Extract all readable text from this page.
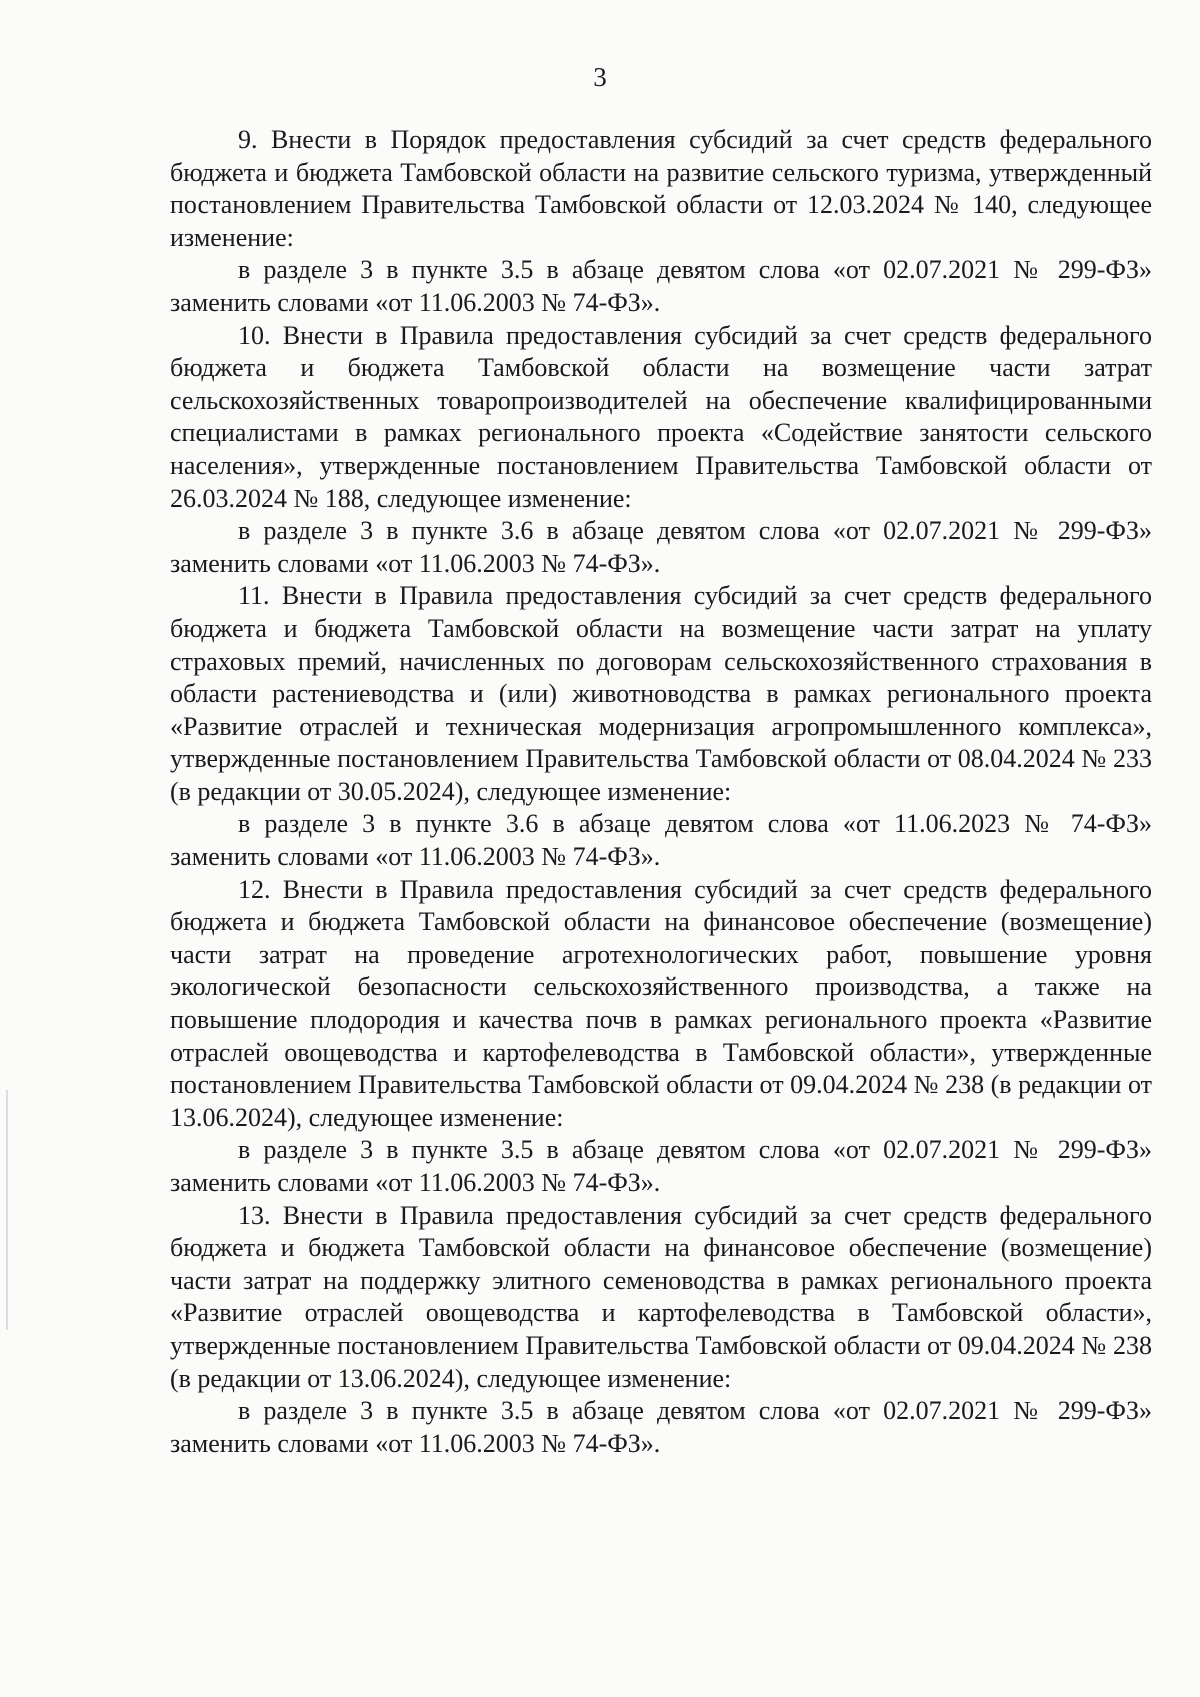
3

9. Внести в Порядок предоставления субсидий за счет средств федерального бюджета и бюджета Тамбовской области на развитие сельского туризма, утвержденный постановлением Правительства Тамбовской области от 12.03.2024 № 140, следующее изменение:

в разделе 3 в пункте 3.5 в абзаце девятом слова «от 02.07.2021 № 299-ФЗ» заменить словами «от 11.06.2003 № 74-ФЗ».

10. Внести в Правила предоставления субсидий за счет средств федерального бюджета и бюджета Тамбовской области на возмещение части затрат сельскохозяйственных товаропроизводителей на обеспечение квалифицированными специалистами в рамках регионального проекта «Содействие занятости сельского населения», утвержденные постановлением Правительства Тамбовской области от 26.03.2024 № 188, следующее изменение:

в разделе 3 в пункте 3.6 в абзаце девятом слова «от 02.07.2021 № 299-ФЗ» заменить словами «от 11.06.2003 № 74-ФЗ».

11. Внести в Правила предоставления субсидий за счет средств федерального бюджета и бюджета Тамбовской области на возмещение части затрат на уплату страховых премий, начисленных по договорам сельскохозяйственного страхования в области растениеводства и (или) животноводства в рамках регионального проекта «Развитие отраслей и техническая модернизация агропромышленного комплекса», утвержденные постановлением Правительства Тамбовской области от 08.04.2024 № 233 (в редакции от 30.05.2024), следующее изменение:

в разделе 3 в пункте 3.6 в абзаце девятом слова «от 11.06.2023 № 74-ФЗ» заменить словами «от 11.06.2003 № 74-ФЗ».

12. Внести в Правила предоставления субсидий за счет средств федерального бюджета и бюджета Тамбовской области на финансовое обеспечение (возмещение) части затрат на проведение агротехнологических работ, повышение уровня экологической безопасности сельскохозяйственного производства, а также на повышение плодородия и качества почв в рамках регионального проекта «Развитие отраслей овощеводства и картофелеводства в Тамбовской области», утвержденные постановлением Правительства Тамбовской области от 09.04.2024 № 238 (в редакции от 13.06.2024), следующее изменение:

в разделе 3 в пункте 3.5 в абзаце девятом слова «от 02.07.2021 № 299-ФЗ» заменить словами «от 11.06.2003 № 74-ФЗ».

13. Внести в Правила предоставления субсидий за счет средств федерального бюджета и бюджета Тамбовской области на финансовое обеспечение (возмещение) части затрат на поддержку элитного семеноводства в рамках регионального проекта «Развитие отраслей овощеводства и картофелеводства в Тамбовской области», утвержденные постановлением Правительства Тамбовской области от 09.04.2024 № 238 (в редакции от 13.06.2024), следующее изменение:

в разделе 3 в пункте 3.5 в абзаце девятом слова «от 02.07.2021 № 299-ФЗ» заменить словами «от 11.06.2003 № 74-ФЗ».
